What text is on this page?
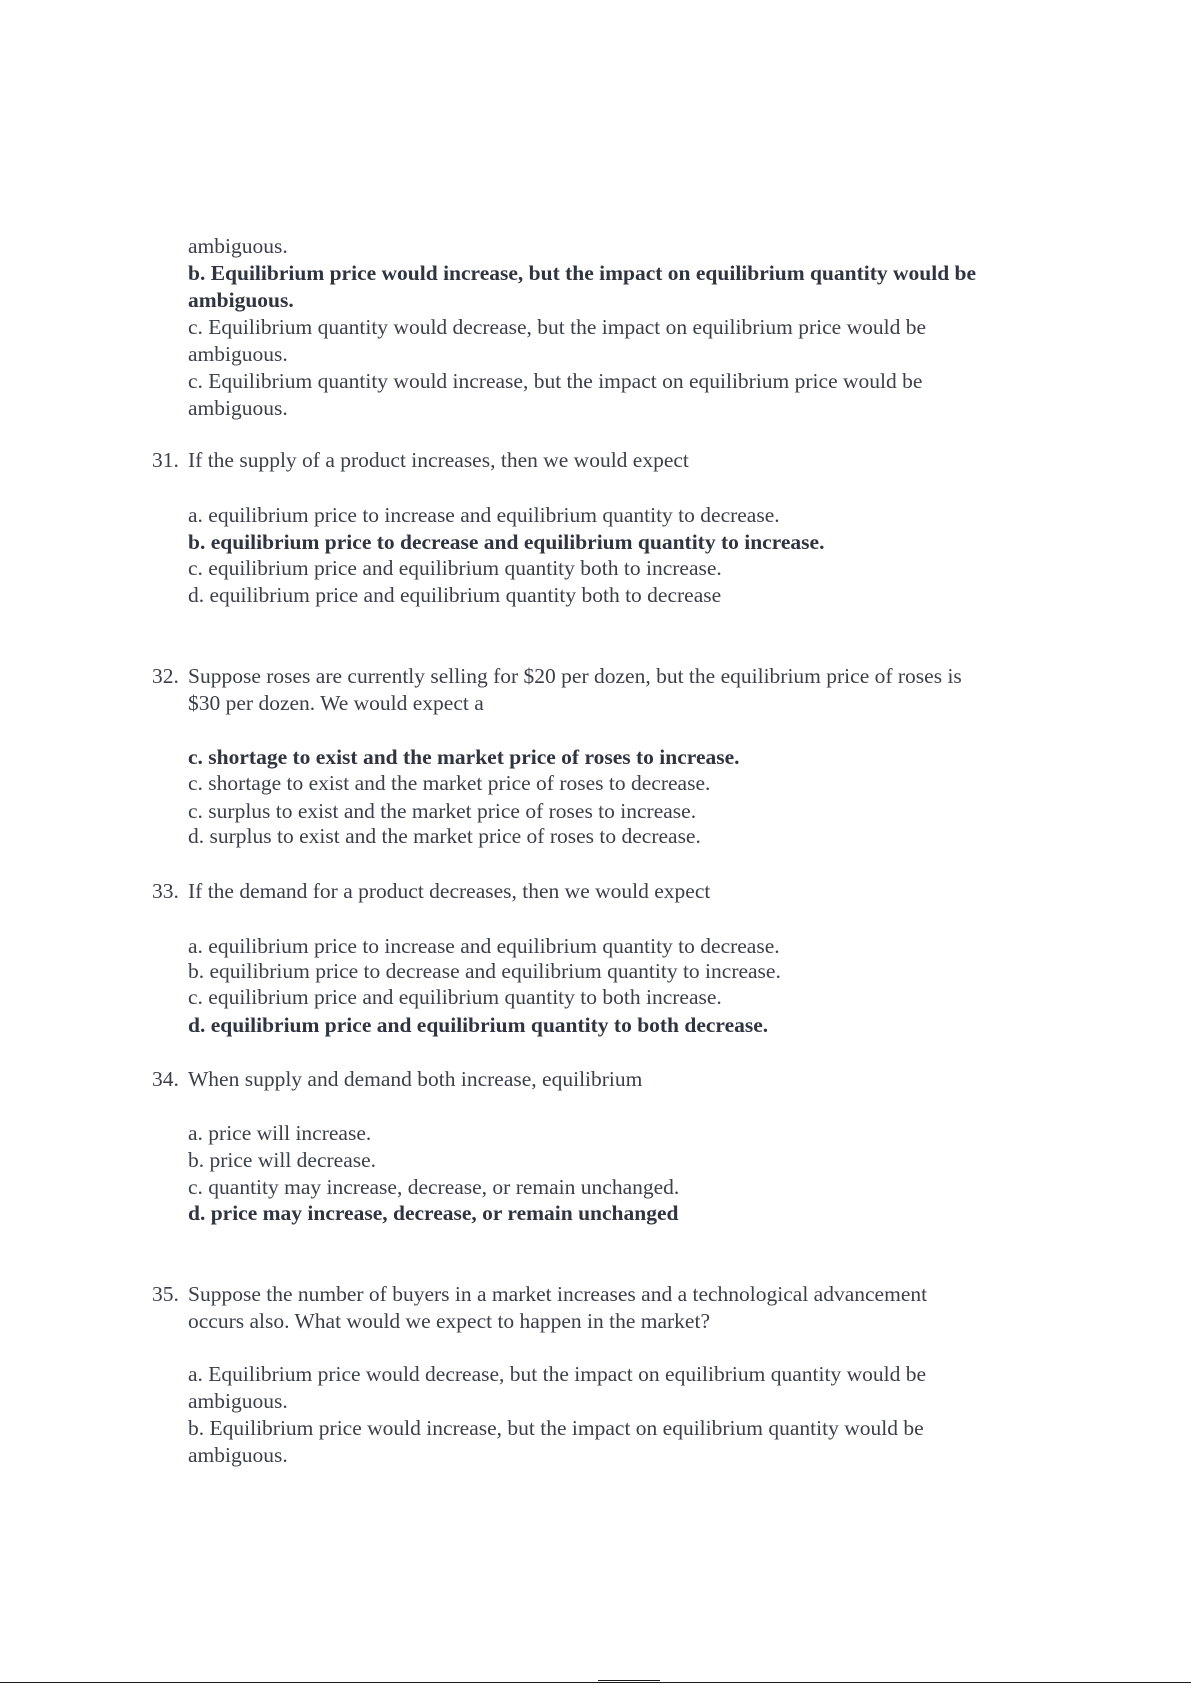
ambiguous.

b. Equilibrium price would increase, but the impact on equilibrium quantity would be

ambiguous.

c. Equilibrium quantity would decrease, but the impact on equilibrium price would be

ambiguous.

c. Equilibrium quantity would increase, but the impact on equilibrium price would be

ambiguous.

31. If the supply of a product increases, then we would expect

a. equilibrium price to increase and equilibrium quantity to decrease.

b. equilibrium price to decrease and equilibrium quantity to increase.

c. equilibrium price and equilibrium quantity both to increase.

d. equilibrium price and equilibrium quantity both to decrease

32. Suppose roses are currently selling for $20 per dozen, but the equilibrium price of roses is

$30 per dozen. We would expect a

c. shortage to exist and the market price of roses to increase.

c. shortage to exist and the market price of roses to decrease.

c. surplus to exist and the market price of roses to increase.

d. surplus to exist and the market price of roses to decrease.

33. If the demand for a product decreases, then we would expect

a. equilibrium price to increase and equilibrium quantity to decrease.

b. equilibrium price to decrease and equilibrium quantity to increase.

c. equilibrium price and equilibrium quantity to both increase.

d. equilibrium price and equilibrium quantity to both decrease.

34. When supply and demand both increase, equilibrium

a. price will increase.

b. price will decrease.

c. quantity may increase, decrease, or remain unchanged.

d. price may increase, decrease, or remain unchanged

35. Suppose the number of buyers in a market increases and a technological advancement

occurs also. What would we expect to happen in the market?

a. Equilibrium price would decrease, but the impact on equilibrium quantity would be

ambiguous.

b. Equilibrium price would increase, but the impact on equilibrium quantity would be

ambiguous.
